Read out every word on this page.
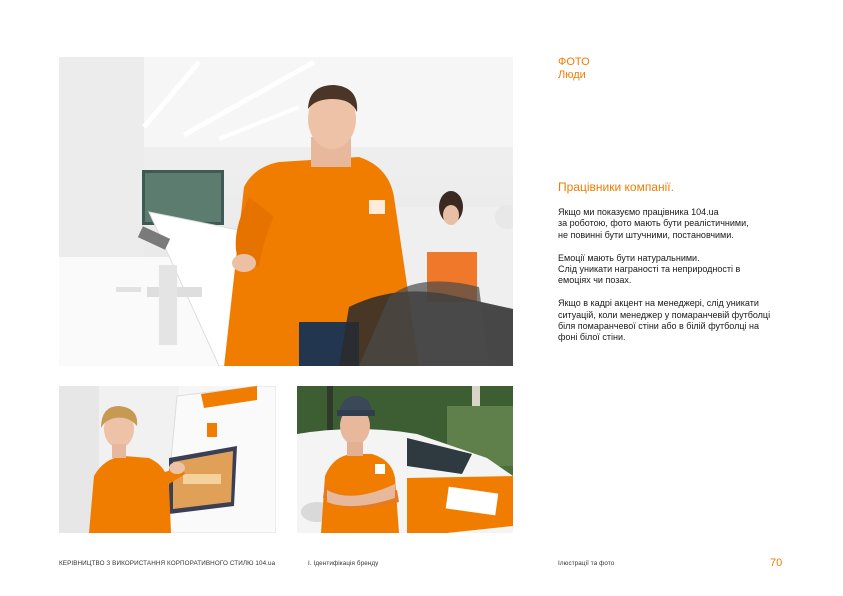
ФОТО
Люди
Працівники компанії.

Якщо ми показуємо працівника 104.ua
за роботою, фото мають бути реалістичними,
не повинні бути штучними, постановчими.

Емоції мають бути натуральними.
Слід уникати награності та неприродності в
емоціях чи позах.

Якщо в кадрі акцент на менеджері, слід уникати
ситуацій, коли менеджер у помаранчевій футболці
біля помаранчевої стіни або в білій футболці на
фоні білої стіни.

КЕРІВНИЦТВО З ВИКОРИСТАННЯ КОРПОРАТИВНОГО СТИЛЮ 104.ua	I. Ідентифікація бренду	Ілюстрації та фото	70
